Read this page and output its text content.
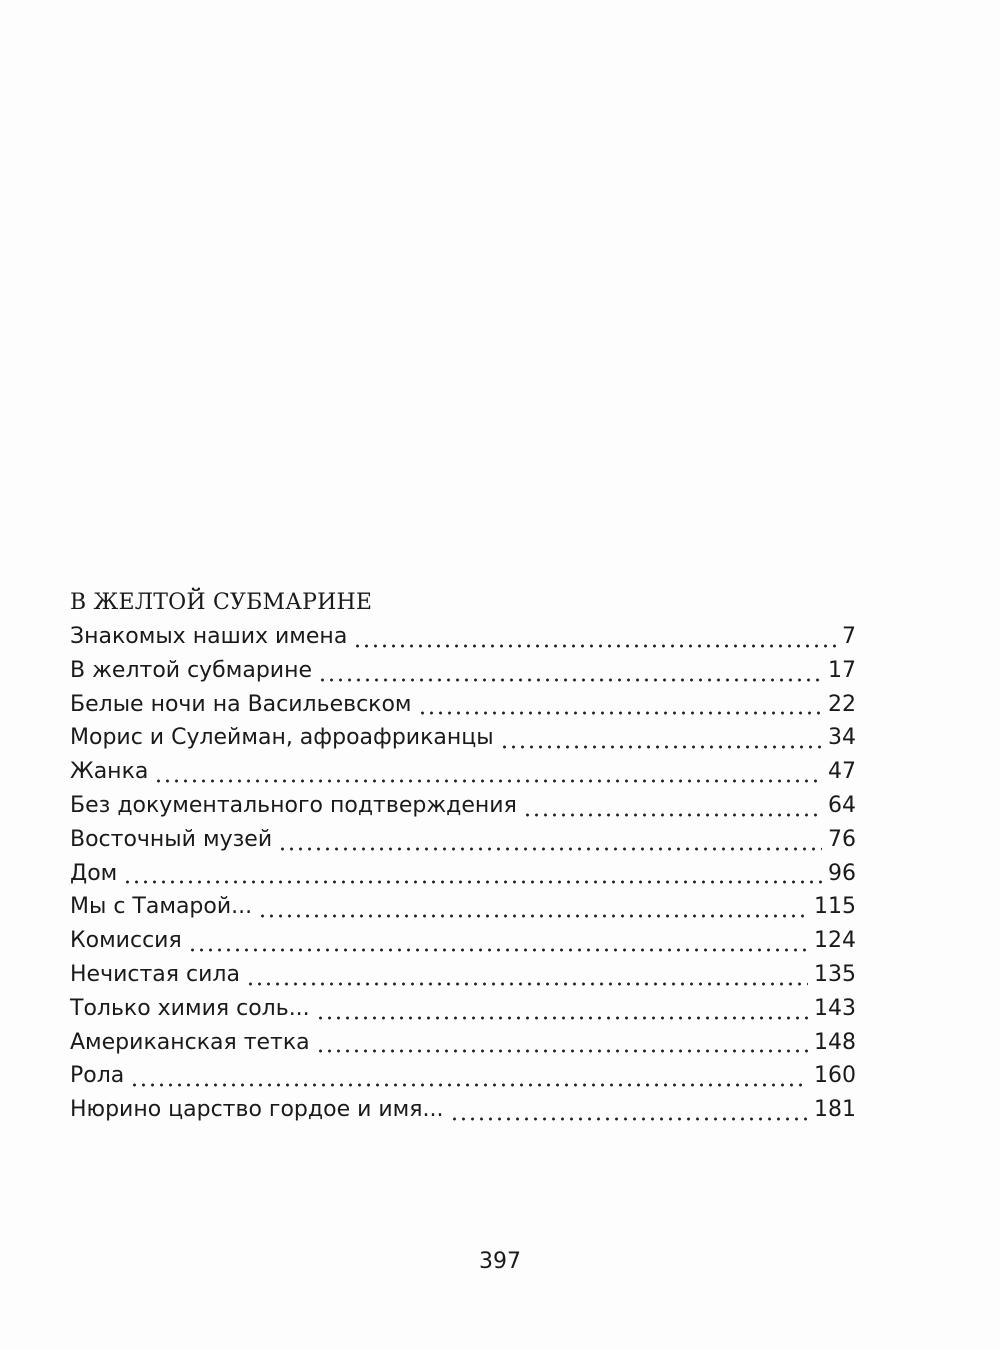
В ЖЕЛТОЙ СУБМАРИНЕ
Знакомых наших имена	7
В желтой субмарине	17
Белые ночи на Васильевском	22
Морис и Сулейман, афроафриканцы	34
Жанка	47
Без документального подтверждения	64
Восточный музей	76
Дом	96
Мы с Тамарой...	115
Комиссия	124
Нечистая сила	135
Только химия соль...	143
Американская тетка	148
Рола	160
Нюрино царство гордое и имя...	181
397
